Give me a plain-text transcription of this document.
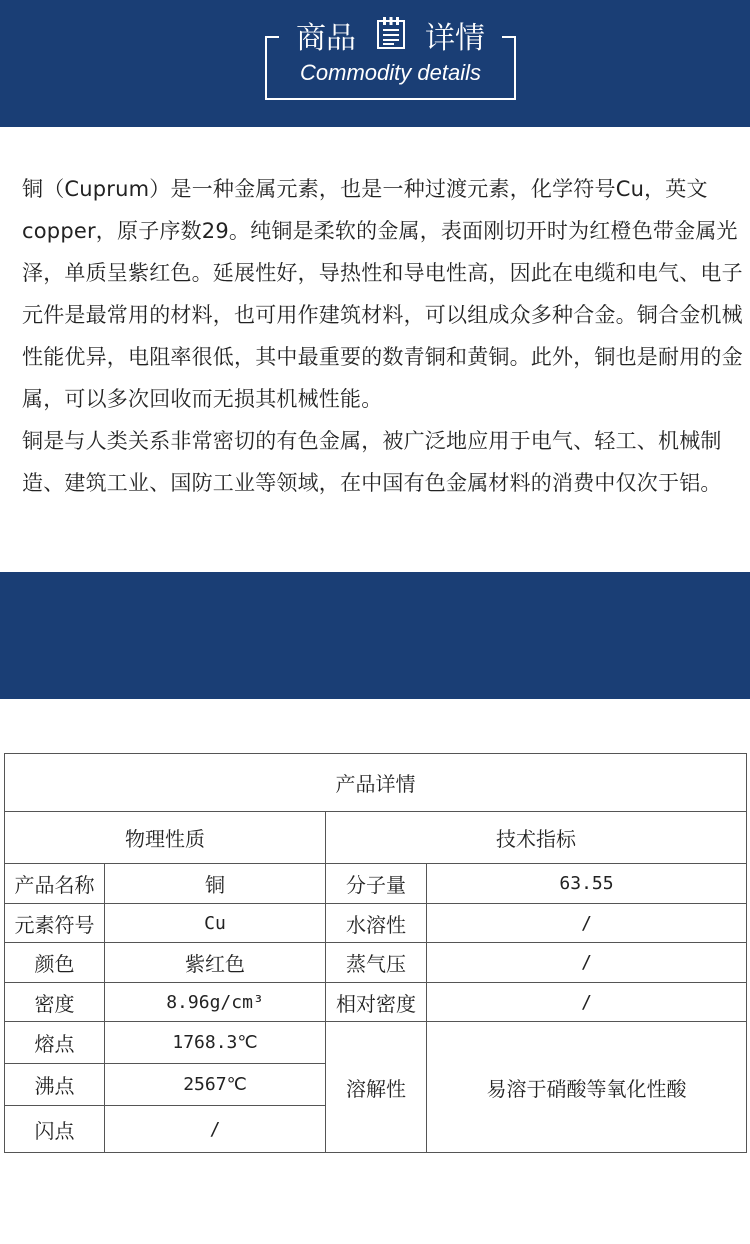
商品 详情
Commodity details

铜（Cuprum）是一种金属元素，也是一种过渡元素，化学符号Cu，英文copper，原子序数29。纯铜是柔软的金属，表面刚切开时为红橙色带金属光泽，单质呈紫红色。延展性好，导热性和导电性高，因此在电缆和电气、电子元件是最常用的材料，也可用作建筑材料，可以组成众多种合金。铜合金机械性能优异，电阻率很低，其中最重要的数青铜和黄铜。此外，铜也是耐用的金属，可以多次回收而无损其机械性能。

铜是与人类关系非常密切的有色金属，被广泛地应用于电气、轻工、机械制造、建筑工业、国防工业等领域，在中国有色金属材料的消费中仅次于铝。

化学	成分
Chemical composition
产品详情			
物理性质		技术指标	
产品名称	铜	分子量	63.55
元素符号	Cu	水溶性	/
颜色	紫红色	蒸气压	/
密度	8.96g/cm³	相对密度	/
熔点	1768.3℃	溶解性	易溶于硝酸等氧化性酸
沸点	2567℃		
闪点	/		
